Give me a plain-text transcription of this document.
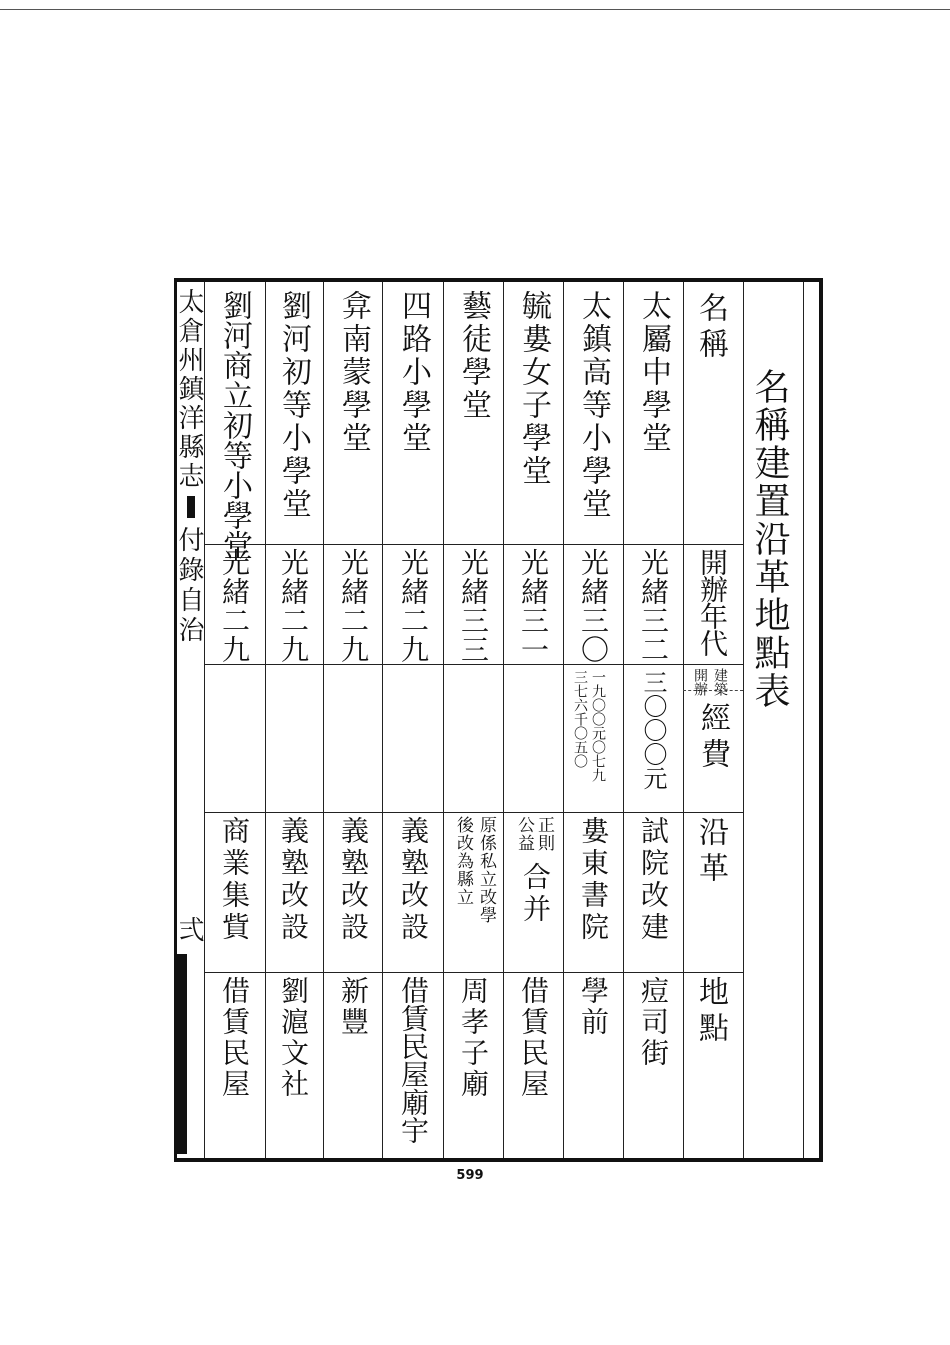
名稱建置沿革地點表
名稱
開辦年代
建築
開辦
經費
沿革
地點
太屬中學堂
光緒三二
三〇〇〇元
試院改建
痘司街
太鎮高等小學堂
光緒三〇
一九〇〇元〇七九
三七六千〇五〇
婁東書院
學前
毓婁女子學堂
光緒三一
正則
公益
合并
借賃民屋
藝徒學堂
光緒三三
原係私立改學
後改為縣立
周孝子廟
四路小學堂
光緒二九
義塾改設
借賃民屋廟宇
弇南蒙學堂
光緒二九
義塾改設
新豐
劉河初等小學堂
光緒二九
義塾改設
劉滬文社
劉河商立初等小學堂
光緒二九
商業集貲
借賃民屋
太倉州鎮洋縣志
付錄自治
弍
599
